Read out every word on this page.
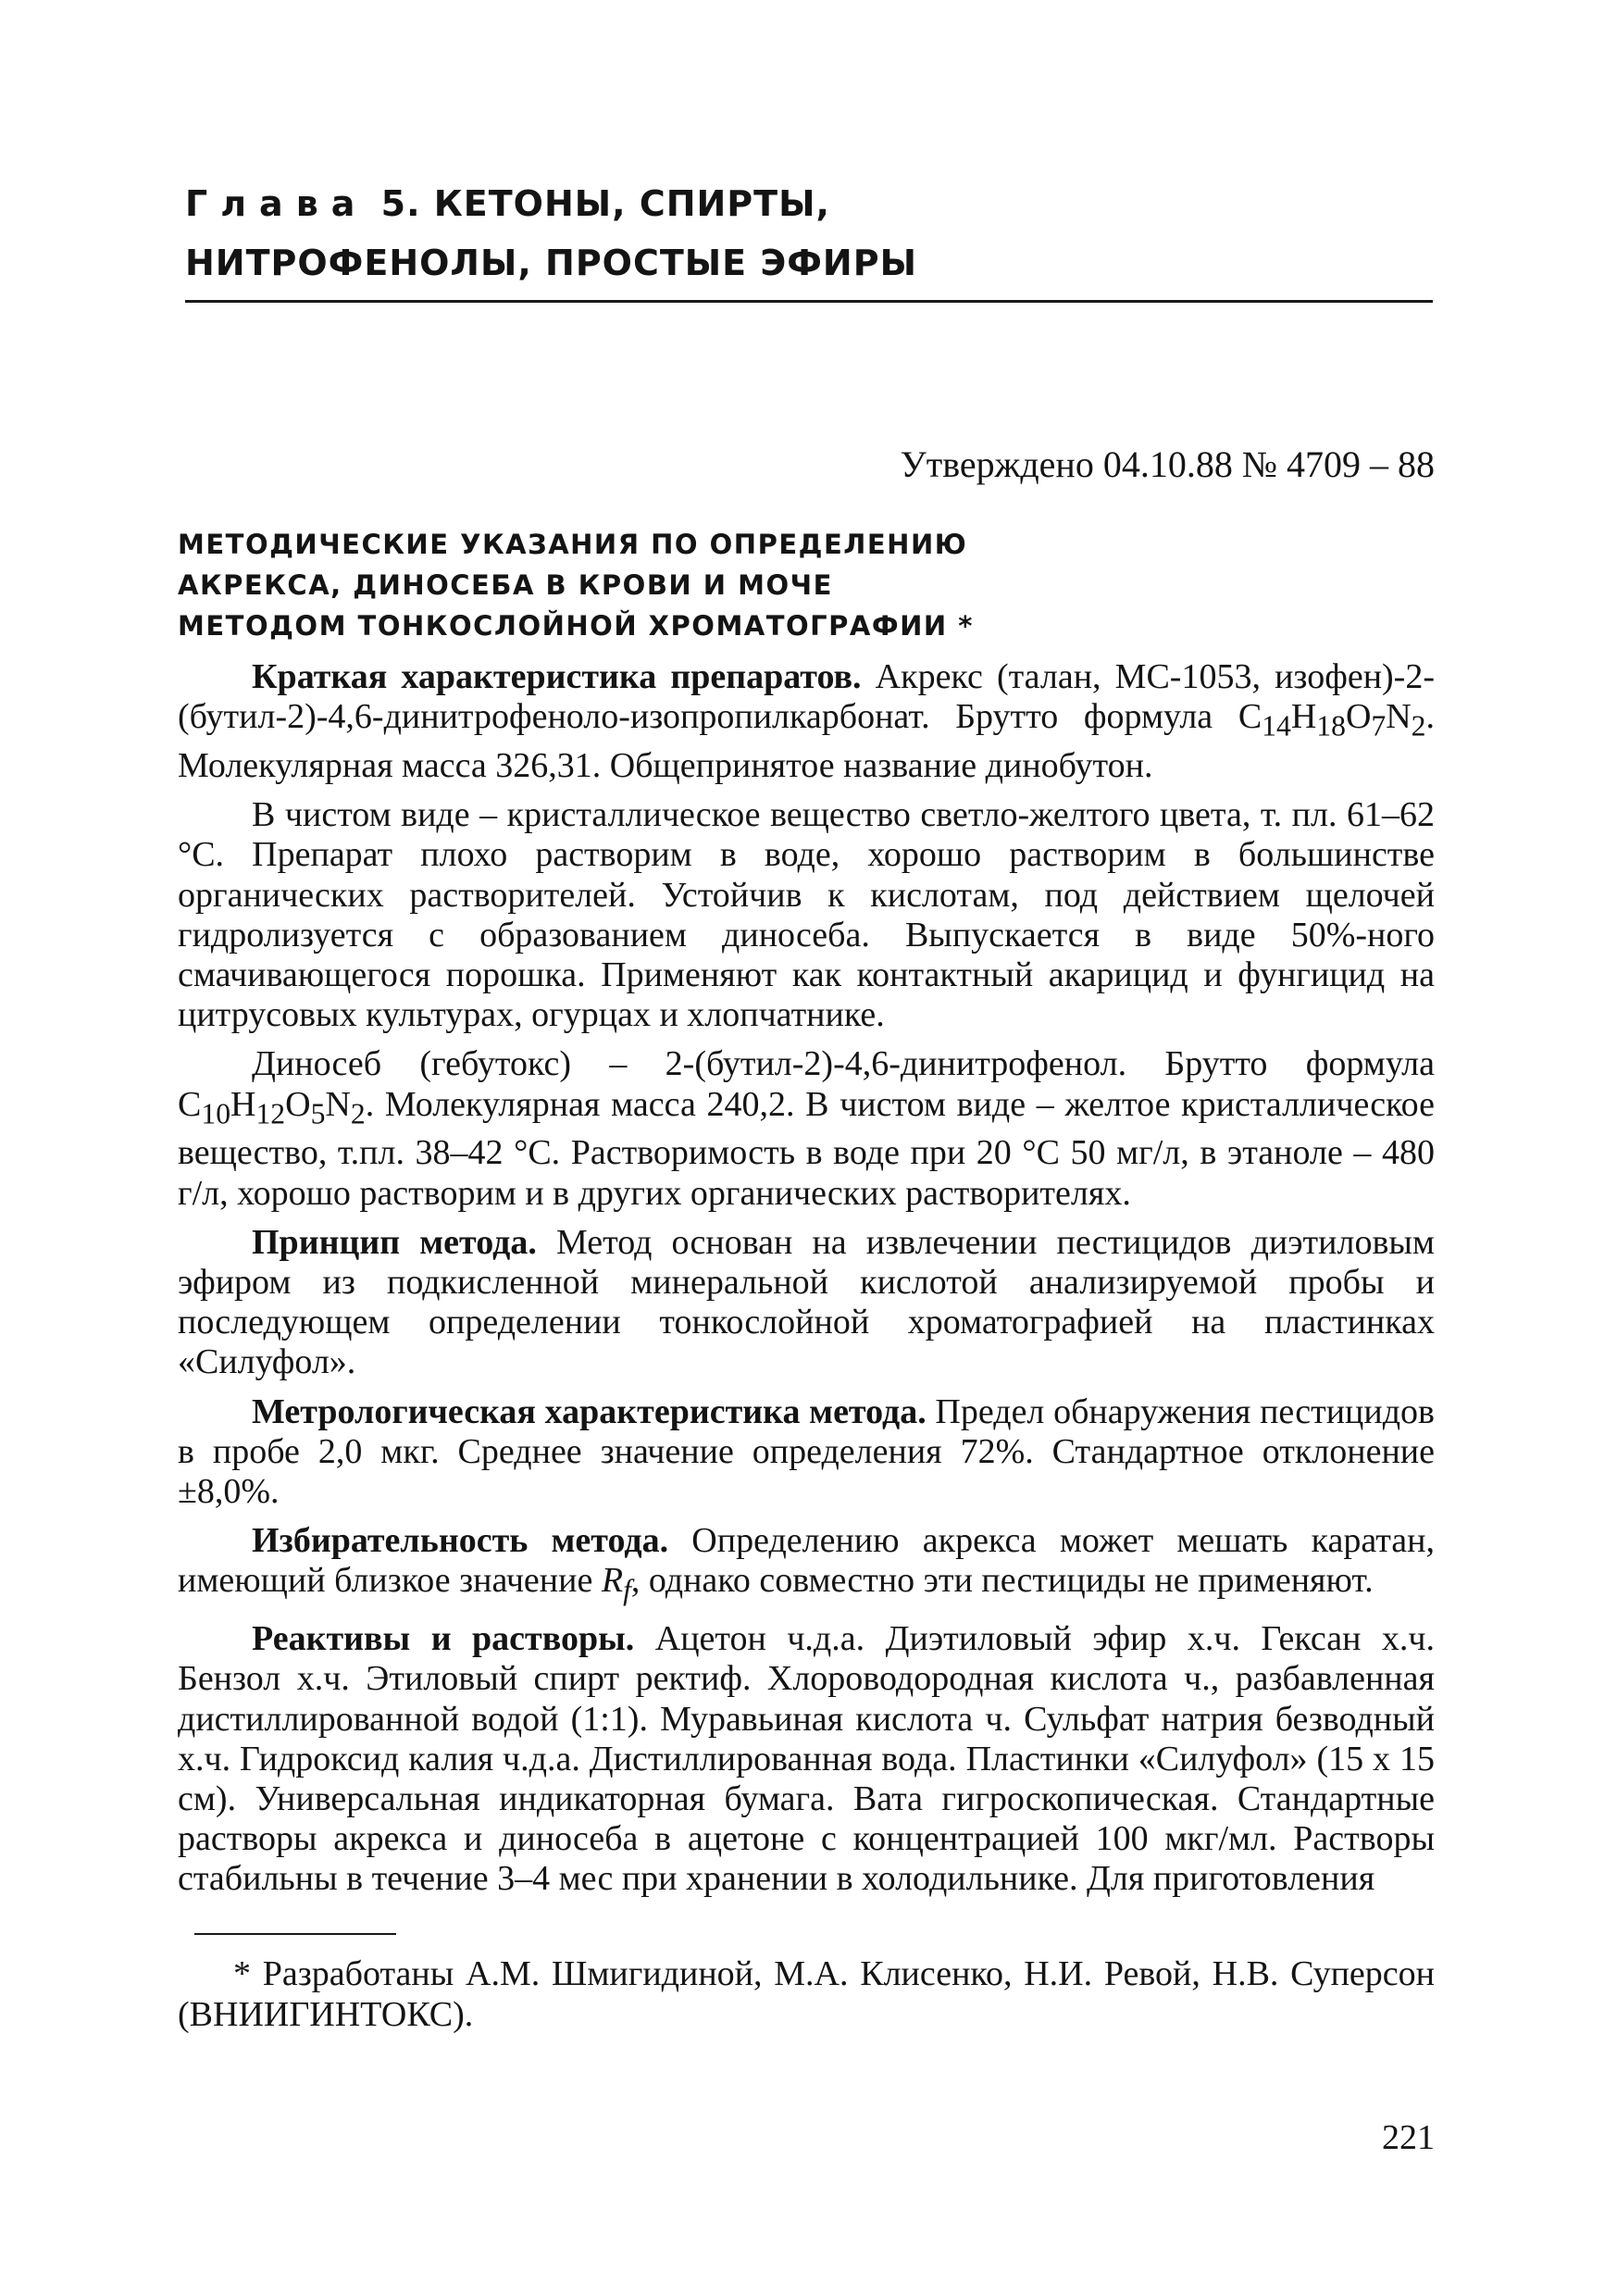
Глава 5. КЕТОНЫ, СПИРТЫ,
НИТРОФЕНОЛЫ, ПРОСТЫЕ ЭФИРЫ
Утверждено 04.10.88 № 4709 – 88
МЕТОДИЧЕСКИЕ УКАЗАНИЯ ПО ОПРЕДЕЛЕНИЮ
АКРЕКСА, ДИНОСЕБА В КРОВИ И МОЧЕ
МЕТОДОМ ТОНКОСЛОЙНОЙ ХРОМАТОГРАФИИ *

Краткая характеристика препаратов. Акрекс (талан, МС-1053, изофен)-2-(бутил-2)-4,6-динитрофеноло-изопропилкарбонат. Брутто формула $C_{14}H_{18}O_7N_2$. Молекулярная масса 326,31. Общепринятое название динобутон.

В чистом виде – кристаллическое вещество светло-желтого цвета, т. пл. 61–62 °С. Препарат плохо растворим в воде, хорошо растворим в большинстве органических растворителей. Устойчив к кислотам, под действием щелочей гидролизуется с образованием диносеба. Выпускается в виде 50%-ного смачивающегося порошка. Применяют как контактный акарицид и фунгицид на цитрусовых культурах, огурцах и хлопчатнике.

Диносеб (гебутокс) – 2-(бутил-2)-4,6-динитрофенол. Брутто формула $C_{10}H_{12}O_5N_2$. Молекулярная масса 240,2. В чистом виде – желтое кристаллическое вещество, т.пл. 38–42 °С. Растворимость в воде при 20 °С 50 мг/л, в этаноле – 480 г/л, хорошо растворим и в других органических растворителях.

Принцип метода. Метод основан на извлечении пестицидов диэтиловым эфиром из подкисленной минеральной кислотой анализируемой пробы и последующем определении тонкослойной хроматографией на пластинках «Силуфол».

Метрологическая характеристика метода. Предел обнаружения пестицидов в пробе 2,0 мкг. Среднее значение определения 72%. Стандартное отклонение ±8,0%.

Избирательность метода. Определению акрекса может мешать каратан, имеющий близкое значение $R_f$, однако совместно эти пестициды не применяют.

Реактивы и растворы. Ацетон ч.д.а. Диэтиловый эфир х.ч. Гексан х.ч. Бензол х.ч. Этиловый спирт ректиф. Хлороводородная кислота ч., разбавленная дистиллированной водой (1:1). Муравьиная кислота ч. Сульфат натрия безводный х.ч. Гидроксид калия ч.д.а. Дистиллированная вода. Пластинки «Силуфол» (15 х 15 см). Универсальная индикаторная бумага. Вата гигроскопическая. Стандартные растворы акрекса и диносеба в ацетоне с концентрацией 100 мкг/мл. Растворы стабильны в течение 3–4 мес при хранении в холодильнике. Для приготовления

* Разработаны А.М. Шмигидиной, М.А. Клисенко, Н.И. Ревой, Н.В. Суперсон (ВНИИГИНТОКС).

221
